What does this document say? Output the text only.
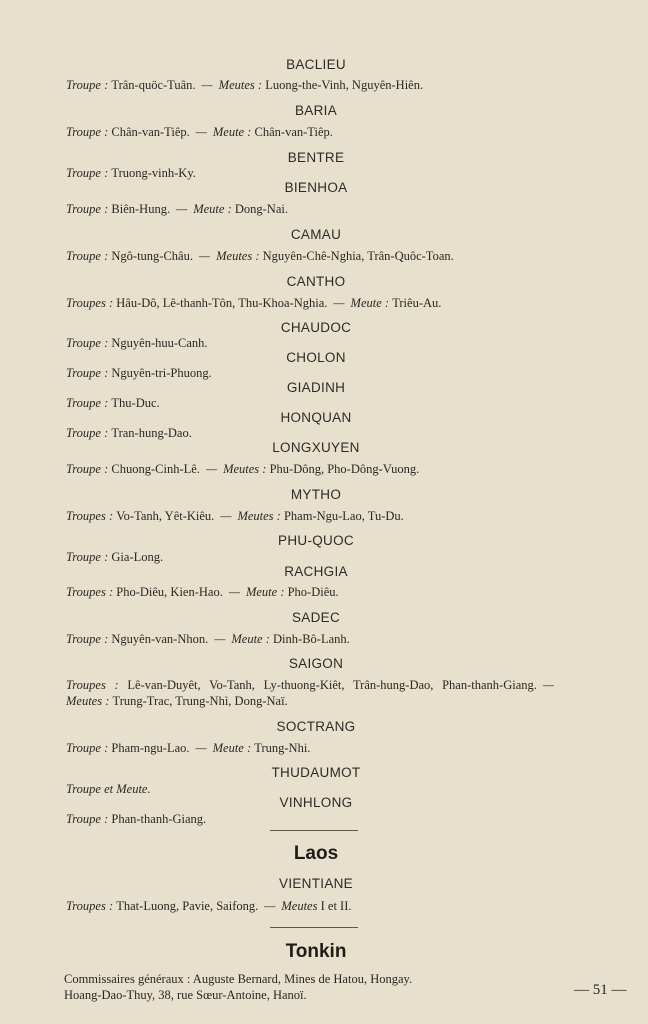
BACLIEU
Troupe : Trân-quöc-Tuân. — Meutes : Luong-the-Vinh, Nguyên-Hiên.
BARIA
Troupe : Chân-van-Tiêp. — Meute : Chân-van-Tiêp.
BENTRE
Troupe : Truong-vinh-Ky.
BIENHOA
Troupe : Biên-Hung. — Meute : Dong-Nai.
CAMAU
Troupe : Ngô-tung-Châu. — Meutes : Nguyên-Chê-Nghia, Trân-Quôc-Toan.
CANTHO
Troupes : Hâu-Dô, Lê-thanh-Tôn, Thu-Khoa-Nghia. — Meute : Triêu-Au.
CHAUDOC
Troupe : Nguyên-huu-Canh.
CHOLON
Troupe : Nguyên-tri-Phuong.
GIADINH
Troupe : Thu-Duc.
HONQUAN
Troupe : Tran-hung-Dao.
LONGXUYEN
Troupe : Chuong-Cinh-Lê. — Meutes : Phu-Dông, Pho-Dông-Vuong.
MYTHO
Troupes : Vo-Tanh, Yêt-Kiêu. — Meutes : Pham-Ngu-Lao, Tu-Du.
PHU-QUOC
Troupe : Gia-Long.
RACHGIA
Troupes : Pho-Diêu, Kien-Hao. — Meute : Pho-Diêu.
SADEC
Troupe : Nguyên-van-Nhon. — Meute : Dinh-Bô-Lanh.
SAIGON
Troupes : Lê-van-Duyêt, Vo-Tanh, Ly-thuong-Kiêt, Trân-hung-Dao, Phan-thanh-Giang. —Meutes : Trung-Trac, Trung-Nhì, Dong-Naï.
SOCTRANG
Troupe : Pham-ngu-Lao. — Meute : Trung-Nhi.
THUDAUMOT
Troupe et Meute.
VINHLONG
Troupe : Phan-thanh-Giang.
Laos
VIENTIANE
Troupes : That-Luong, Pavie, Saifong. — Meutes I et II.
Tonkin
Commissaires généraux : Auguste Bernard, Mines de Hatou, Hongay.
Hoang-Dao-Thuy, 38, rue Sœur-Antoine, Hanoï.	— 51 —
